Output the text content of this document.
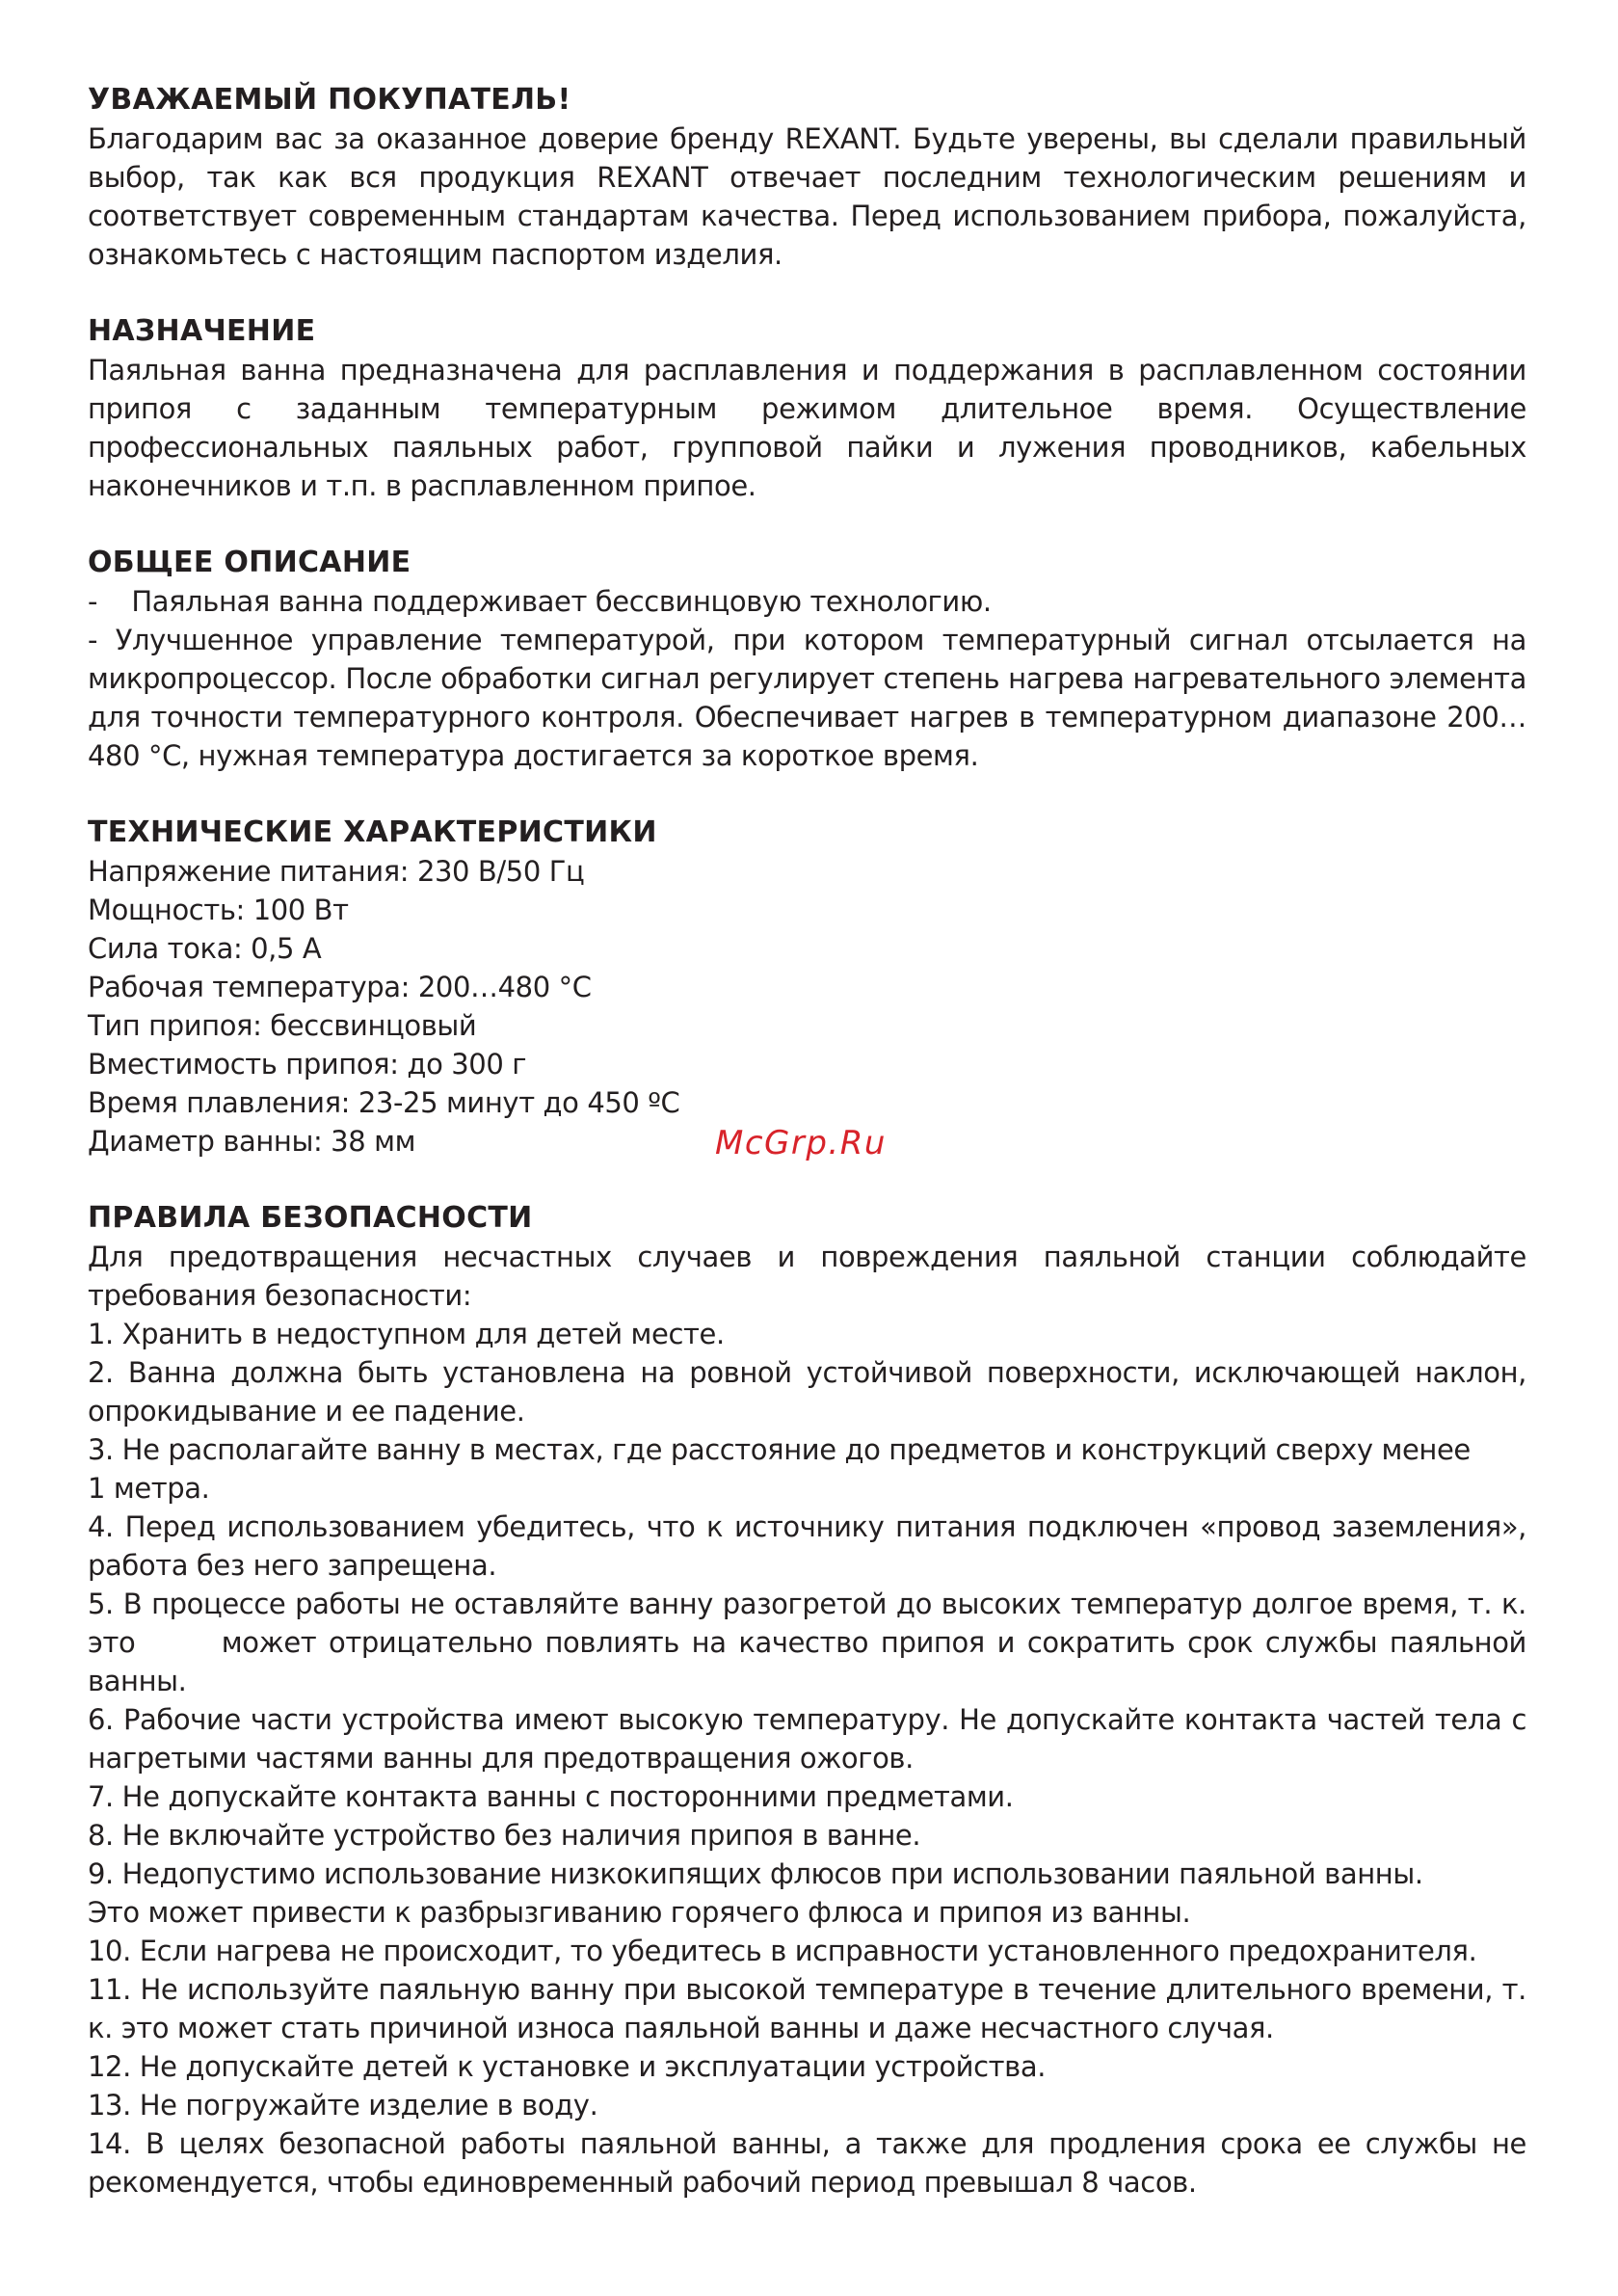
УВАЖАЕМЫЙ ПОКУПАТЕЛЬ!

Благодарим вас за оказанное доверие бренду REXANT. Будьте уверены, вы сделали правильный выбор, так как вся продукция REXANT отвечает последним технологическим решениям и соответствует современным стандартам качества. Перед использованием прибора, пожалуйста, ознакомьтесь с настоящим паспортом изделия.

НАЗНАЧЕНИЕ

Паяльная ванна предназначена для расплавления и поддержания в расплавленном состоянии припоя с заданным температурным режимом длительное время. Осуществление профессиональных паяльных работ, групповой пайки и лужения проводников, кабельных наконечников и т.п. в расплавленном припое.

ОБЩЕЕ ОПИСАНИЕ

-    Паяльная ванна поддерживает бессвинцовую технологию.

- Улучшенное управление температурой, при котором температурный сигнал отсылается на микропроцессор. После обработки сигнал регулирует степень нагрева нагревательного элемента для точности температурного контроля. Обеспечивает нагрев в температурном диапазоне 200…480 °С, нужная температура достигается за короткое время.

ТЕХНИЧЕСКИЕ ХАРАКТЕРИСТИКИ

Напряжение питания: 230 В/50 Гц

Мощность: 100 Вт

Сила тока: 0,5 А

Рабочая температура: 200…480 °С

Тип припоя: бессвинцовый

Вместимость припоя: до 300 г

Время плавления: 23-25 минут до 450 ºС

Диаметр ванны: 38 мм

ПРАВИЛА БЕЗОПАСНОСТИ

Для предотвращения несчастных случаев и повреждения паяльной станции соблюдайте требования безопасности:

1. Хранить в недоступном для детей месте.

2. Ванна должна быть установлена на ровной устойчивой поверхности, исключающей наклон, опрокидывание и ее падение.

3. Не располагайте ванну в местах, где расстояние до предметов и конструкций сверху менее

1 метра.

4. Перед использованием убедитесь, что к источнику питания подключен «провод заземления», работа без него запрещена.

5. В процессе работы не оставляйте ванну разогретой до высоких температур долгое время, т. к. это       может отрицательно повлиять на качество припоя и сократить срок службы паяльной ванны.

6. Рабочие части устройства имеют высокую температуру. Не допускайте контакта частей тела с нагретыми частями ванны для предотвращения ожогов.

7. Не допускайте контакта ванны с посторонними предметами.

8. Не включайте устройство без наличия припоя в ванне.

9. Недопустимо использование низкокипящих флюсов при использовании паяльной ванны.

Это может привести к разбрызгиванию горячего флюса и припоя из ванны.

10. Если нагрева не происходит, то убедитесь в исправности установленного предохранителя.

11. Не используйте паяльную ванну при высокой температуре в течение длительного времени, т. к. это может стать причиной износа паяльной ванны и даже несчастного случая.

12. Не допускайте детей к установке и эксплуатации устройства.

13. Не погружайте изделие в воду.

14. В целях безопасной работы паяльной ванны, а также для продления срока ее службы не рекомендуется, чтобы единовременный рабочий период превышал 8 часов.

McGrp.Ru
